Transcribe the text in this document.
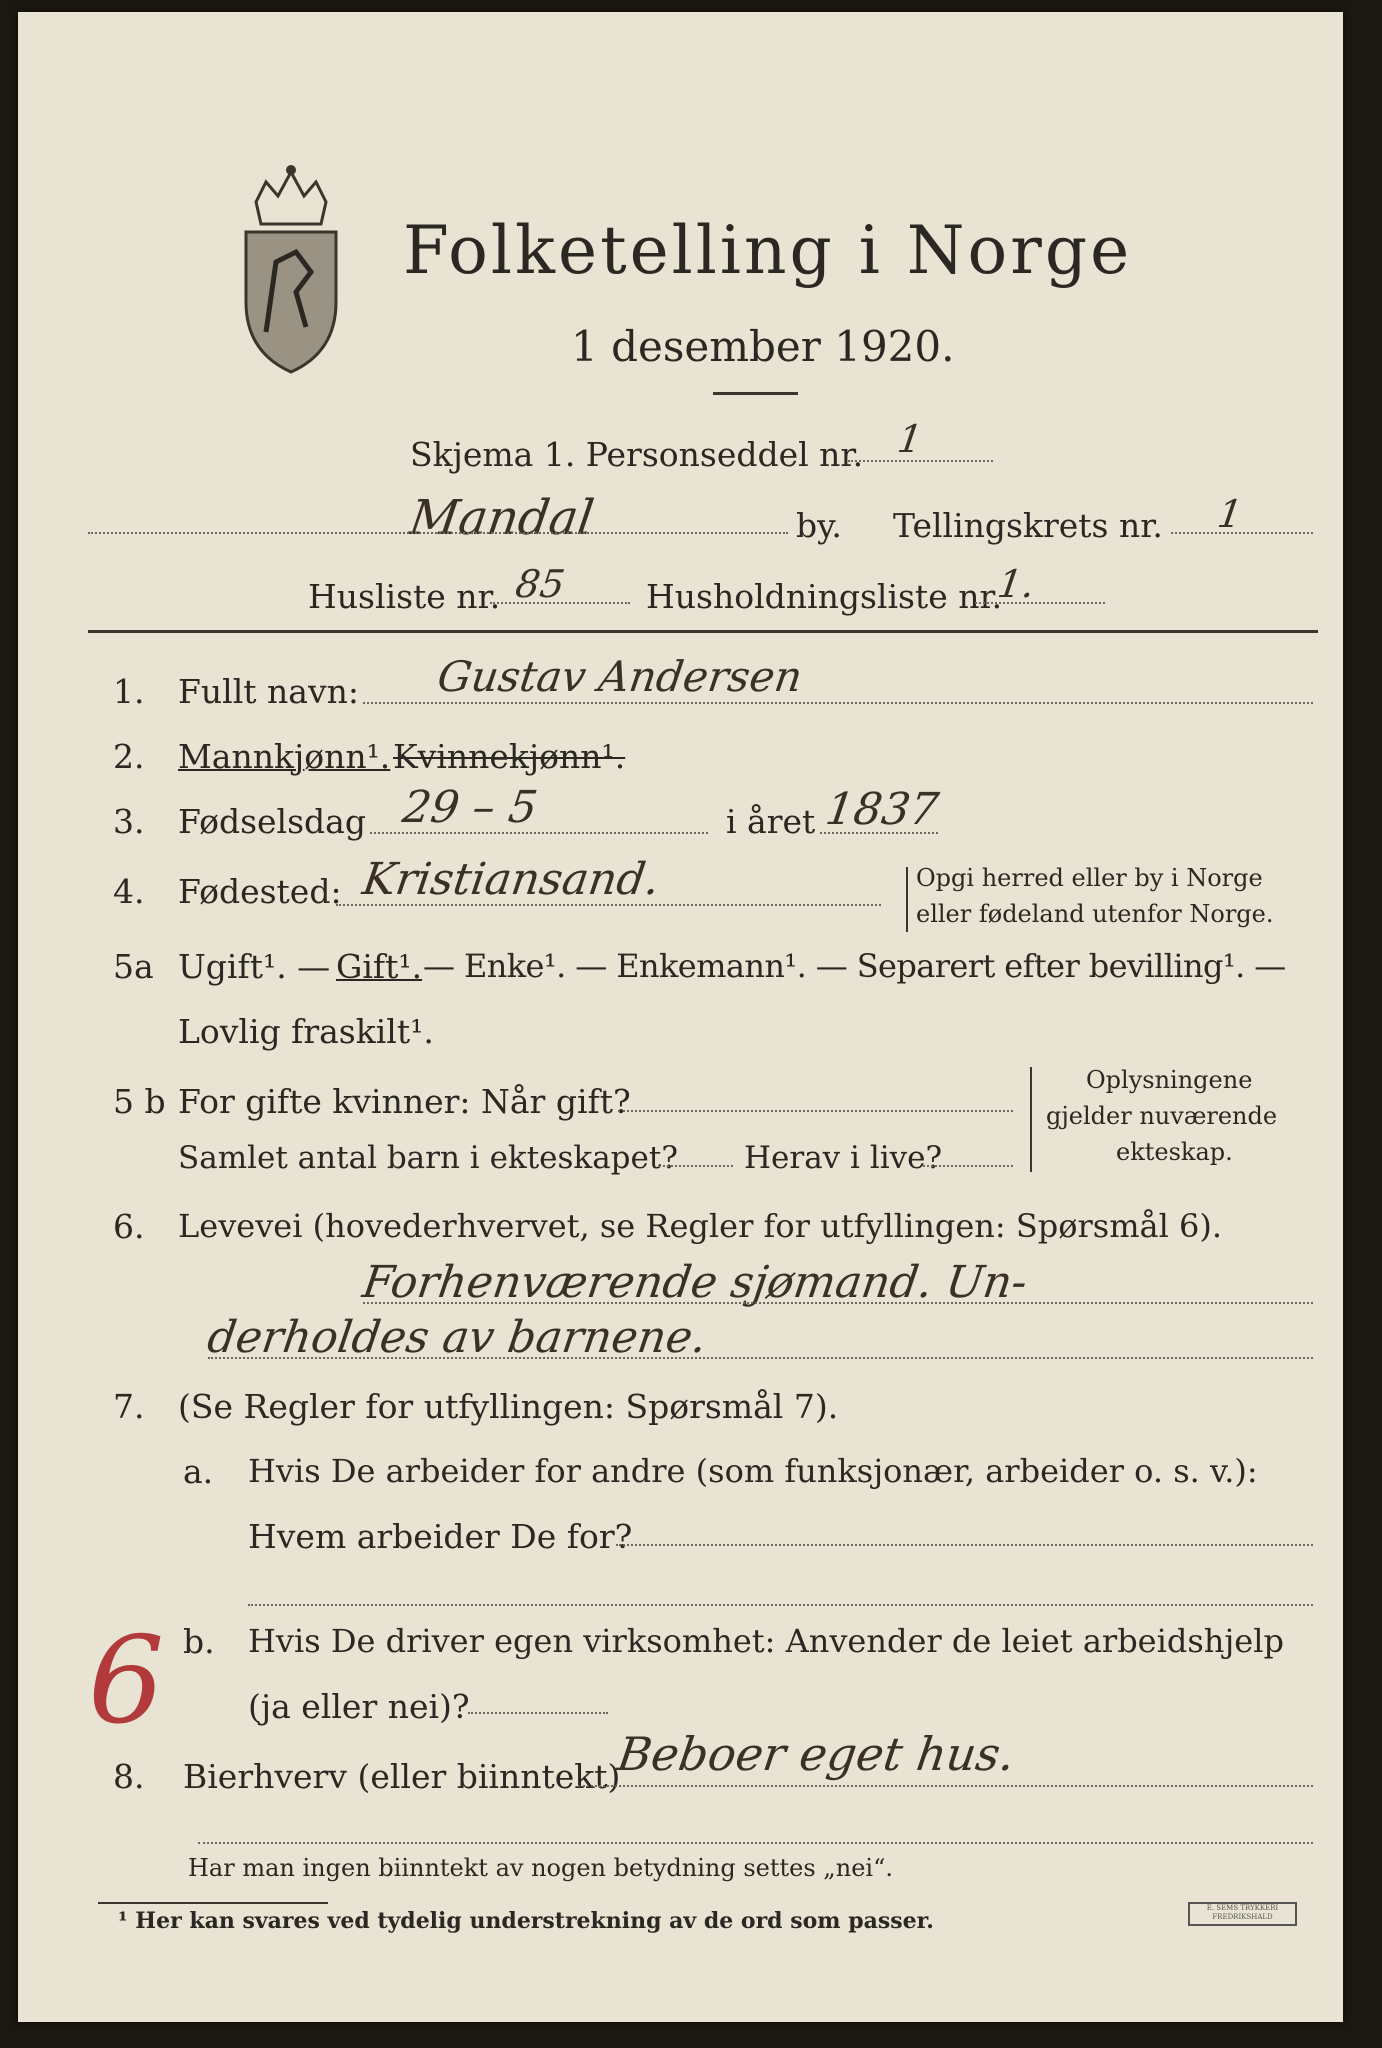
Folketelling i Norge
1 desember 1920.
Skjema 1. Personseddel nr. 1
Mandal	by. Tellingskrets nr. 1
Husliste nr. 85 Husholdningsliste nr.
1.
1. Fullt navn: Gustav Andersen
2. Mannkjønn¹. Kvinnekjønn¹.
3. Fødselsdag 29 – 5	i året 1837
4. Fødested: Kristiansand.	Opgi herred eller by i Norge
eller fødeland utenfor Norge.
5a Ugift¹. — Gift¹. — Enke¹. — Enkemann¹. — Separert efter bevilling¹. —
Lovlig fraskilt¹.
5 b For gifte kvinner: Når gift?
Samlet antal barn i ekteskapet? Herav i live?
Oplysningene
gjelder nuværende
ekteskap.
6. Levevei (hovederhvervet, se Regler for utfyllingen: Spørsmål 6).
Forhenværende sjømand. Un-
derholdes av barnene.
7. (Se Regler for utfyllingen: Spørsmål 7).
a. Hvis De arbeider for andre (som funksjonær, arbeider o. s. v.):
Hvem arbeider De for?
b. Hvis De driver egen virksomhet: Anvender de leiet arbeidshjelp
(ja eller nei)?
8. Bierhverv (eller biinntekt)
Beboer eget hus.
Har man ingen biinntekt av nogen betydning settes „nei“.
6
¹ Her kan svares ved tydelig understrekning av de ord som passer.	E. SEMS TRYKKERI FREDRIKSHALD
